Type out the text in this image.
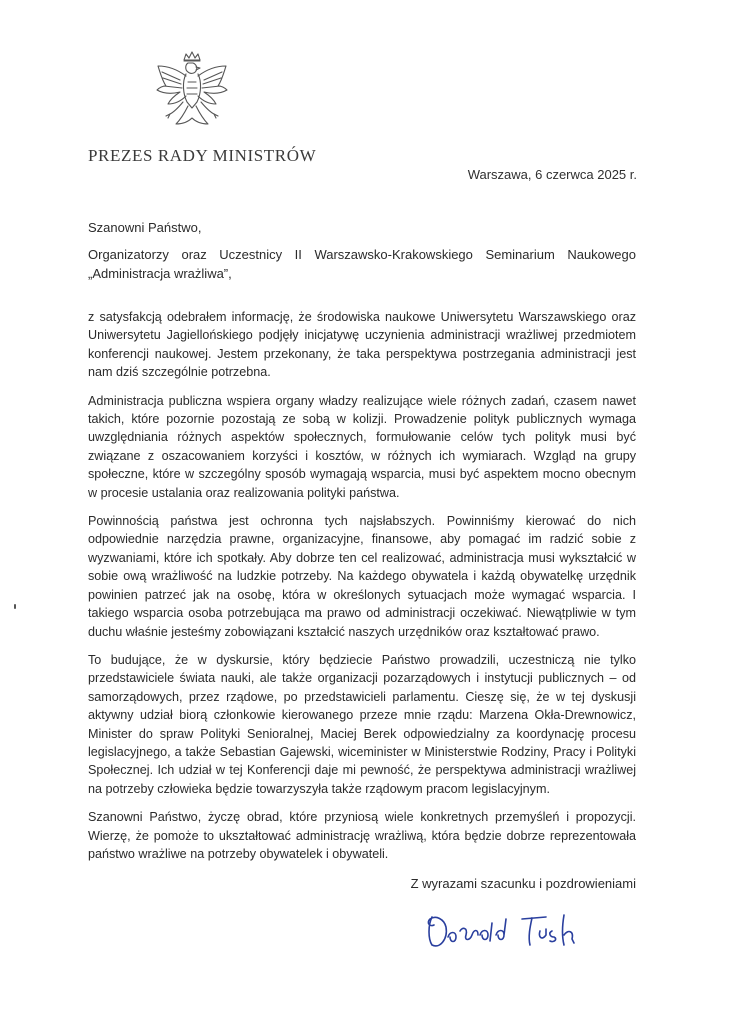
PREZES RADY MINISTRÓW
Warszawa, 6 czerwca 2025 r.
Szanowni Państwo,
Organizatorzy oraz Uczestnicy II Warszawsko-Krakowskiego Seminarium Naukowego „Administracja wrażliwa”,

z satysfakcją odebrałem informację, że środowiska naukowe Uniwersytetu Warszawskiego oraz Uniwersytetu Jagiellońskiego podjęły inicjatywę uczynienia administracji wrażliwej przedmiotem konferencji naukowej. Jestem przekonany, że taka perspektywa postrzegania administracji jest nam dziś szczególnie potrzebna.

Administracja publiczna wspiera organy władzy realizujące wiele różnych zadań, czasem nawet takich, które pozornie pozostają ze sobą w kolizji. Prowadzenie polityk publicznych wymaga uwzględniania różnych aspektów społecznych, formułowanie celów tych polityk musi być związane z oszacowaniem korzyści i kosztów, w różnych ich wymiarach. Wzgląd na grupy społeczne, które w szczególny sposób wymagają wsparcia, musi być aspektem mocno obecnym w procesie ustalania oraz realizowania polityki państwa.

Powinnością państwa jest ochronna tych najsłabszych. Powinniśmy kierować do nich odpowiednie narzędzia prawne, organizacyjne, finansowe, aby pomagać im radzić sobie z wyzwaniami, które ich spotkały. Aby dobrze ten cel realizować, administracja musi wykształcić w sobie ową wrażliwość na ludzkie potrzeby. Na każdego obywatela i każdą obywatelkę urzędnik powinien patrzeć jak na osobę, która w określonych sytuacjach może wymagać wsparcia. I takiego wsparcia osoba potrzebująca ma prawo od administracji oczekiwać. Niewątpliwie w tym duchu właśnie jesteśmy zobowiązani kształcić naszych urzędników oraz kształtować prawo.

To budujące, że w dyskursie, który będziecie Państwo prowadzili, uczestniczą nie tylko przedstawiciele świata nauki, ale także organizacji pozarządowych i instytucji publicznych – od samorządowych, przez rządowe, po przedstawicieli parlamentu. Cieszę się, że w tej dyskusji aktywny udział biorą członkowie kierowanego przeze mnie rządu: Marzena Okła-Drewnowicz, Minister do spraw Polityki Senioralnej, Maciej Berek odpowiedzialny za koordynację procesu legislacyjnego, a także Sebastian Gajewski, wiceminister w Ministerstwie Rodziny, Pracy i Polityki Społecznej. Ich udział w tej Konferencji daje mi pewność, że perspektywa administracji wrażliwej na potrzeby człowieka będzie towarzyszyła także rządowym pracom legislacyjnym.

Szanowni Państwo, życzę obrad, które przyniosą wiele konkretnych przemyśleń i propozycji. Wierzę, że pomoże to ukształtować administrację wrażliwą, która będzie dobrze reprezentowała państwo wrażliwe na potrzeby obywatelek i obywateli.

Z wyrazami szacunku i pozdrowieniami
